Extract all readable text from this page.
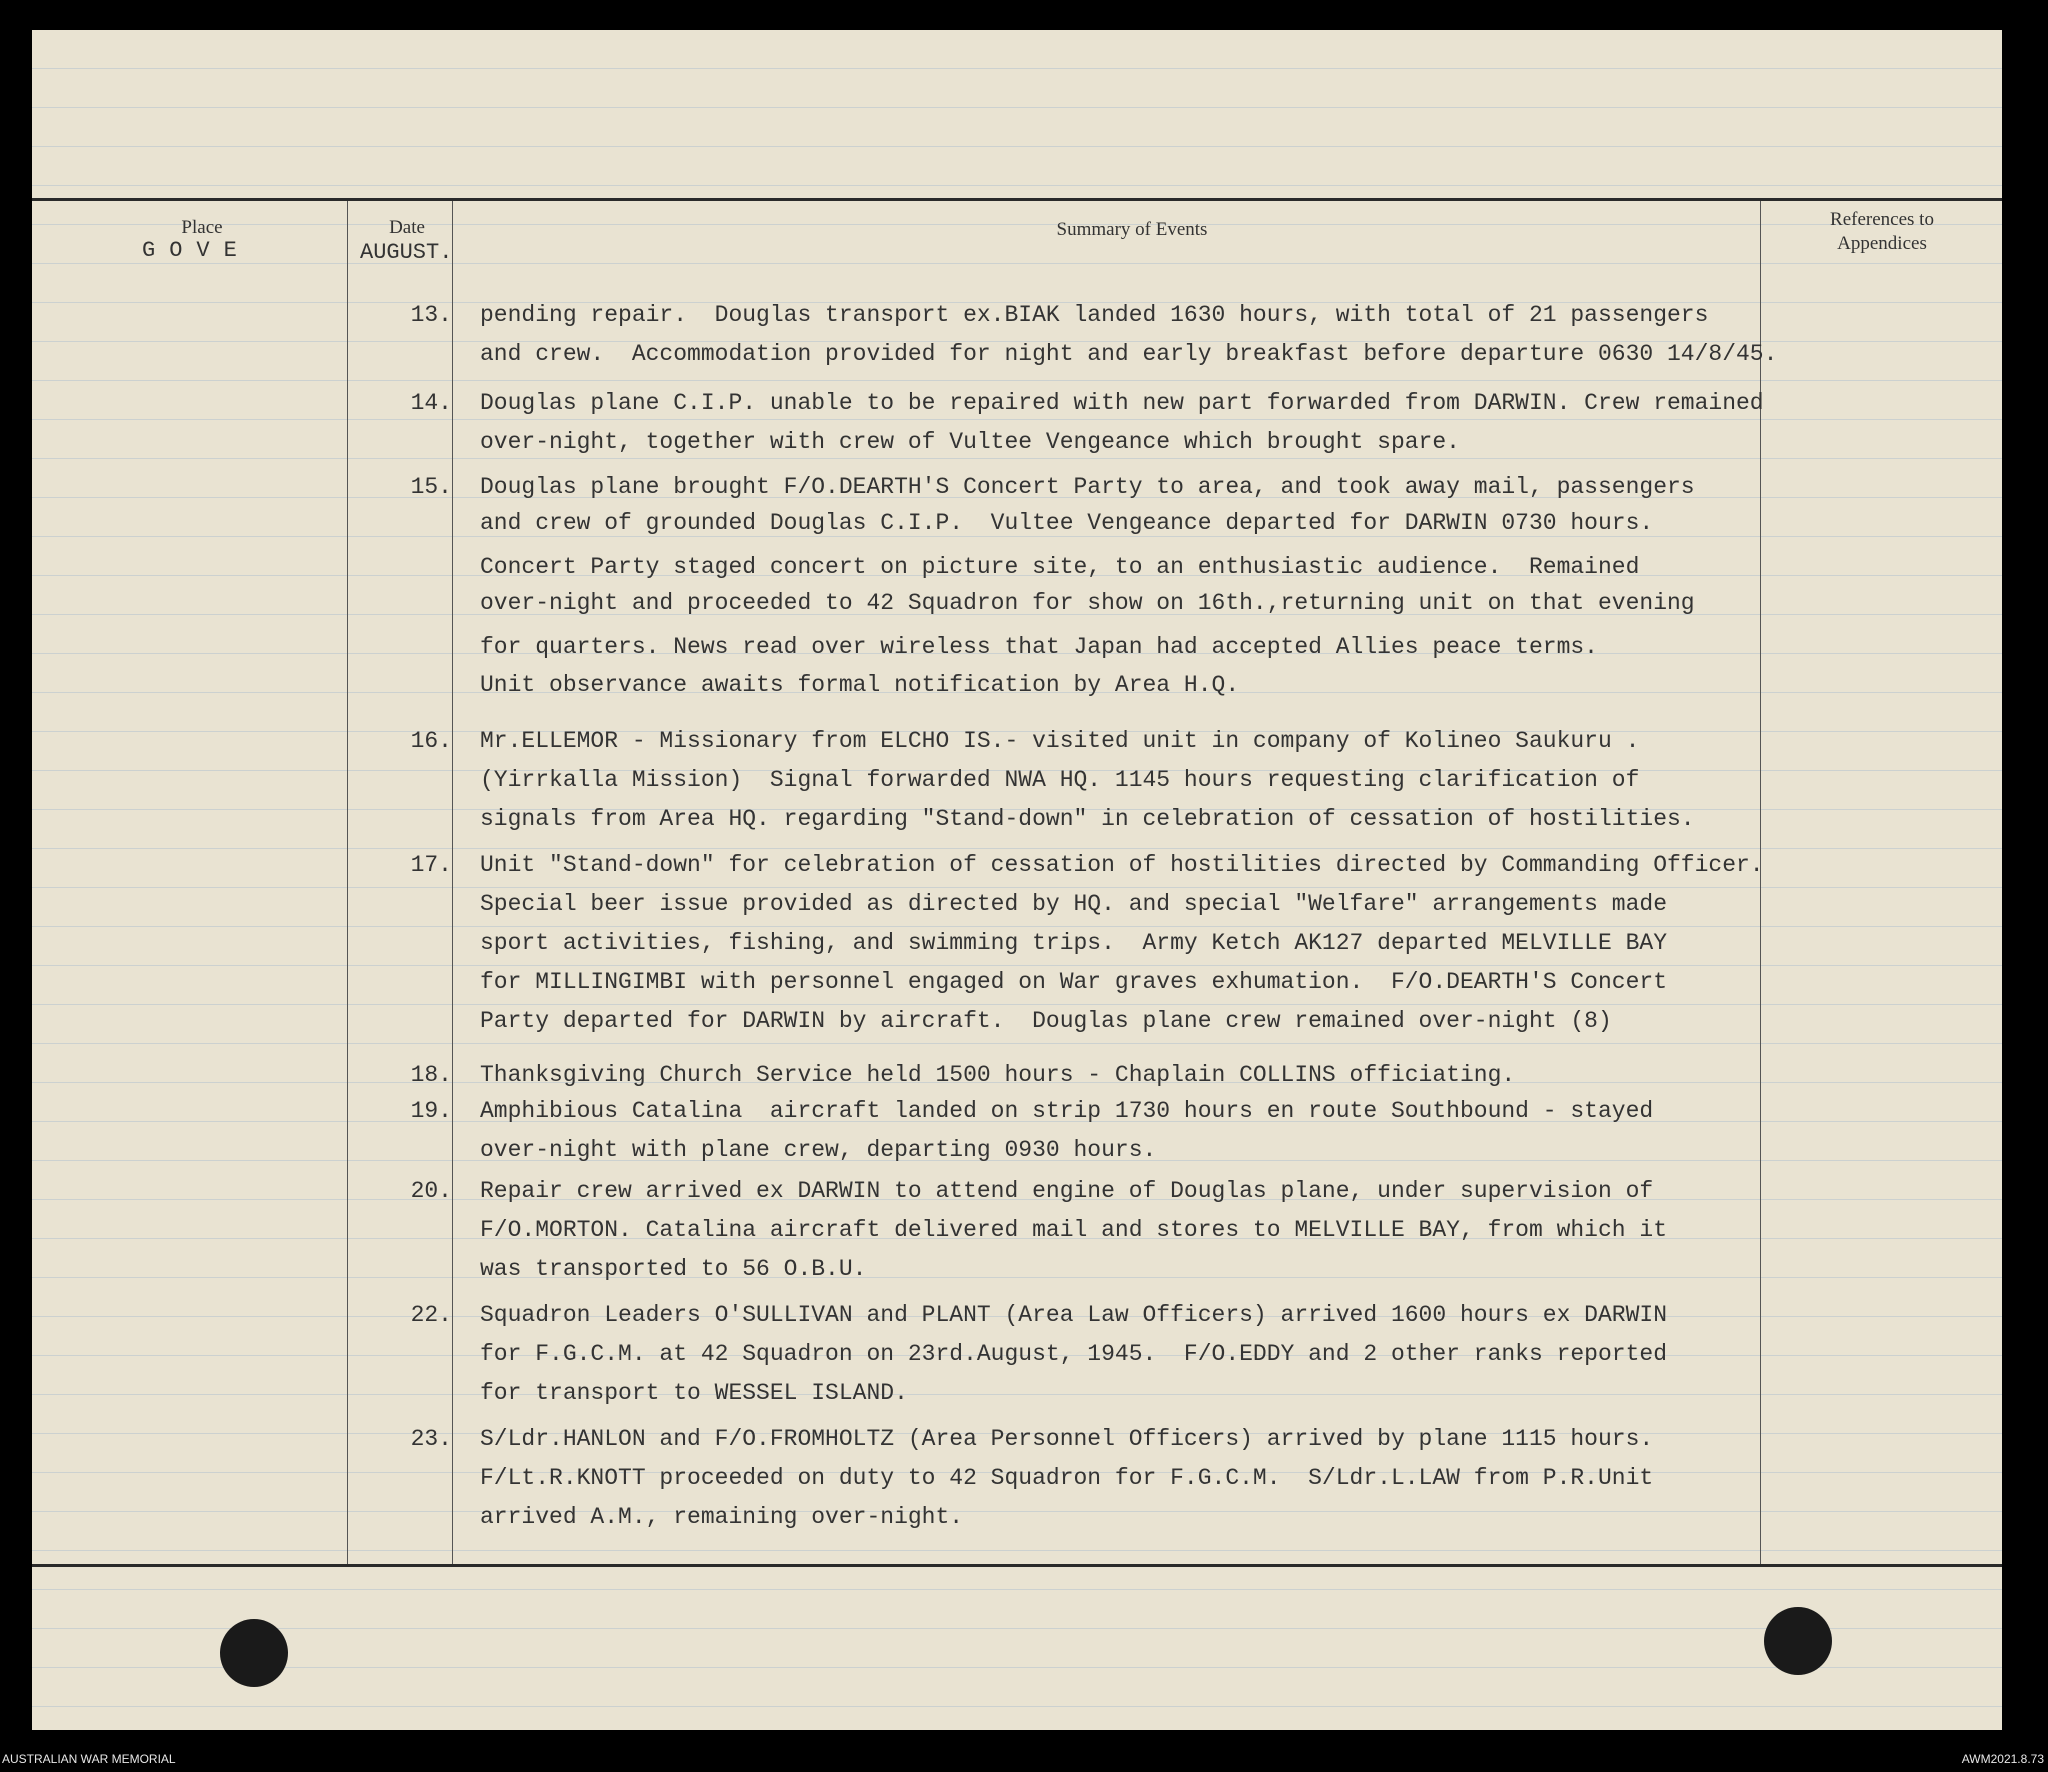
Place
GOVE
Date
AUGUST.
Summary of Events	References to
Appendices
13. pending repair.  Douglas transport ex.BIAK landed 1630 hours, with total of 21 passengers
and crew.  Accommodation provided for night and early breakfast before departure 0630 14/8/45.
14. Douglas plane C.I.P. unable to be repaired with new part forwarded from DARWIN. Crew remained
over-night, together with crew of Vultee Vengeance which brought spare.
15. Douglas plane brought F/O.DEARTH'S Concert Party to area, and took away mail, passengers
and crew of grounded Douglas C.I.P.  Vultee Vengeance departed for DARWIN 0730 hours.
Concert Party staged concert on picture site, to an enthusiastic audience.  Remained
over-night and proceeded to 42 Squadron for show on 16th.,returning unit on that evening
for quarters. News read over wireless that Japan had accepted Allies peace terms.
Unit observance awaits formal notification by Area H.Q.
16. Mr.ELLEMOR - Missionary from ELCHO IS.- visited unit in company of Kolineo Saukuru .
(Yirrkalla Mission)  Signal forwarded NWA HQ. 1145 hours requesting clarification of
signals from Area HQ. regarding "Stand-down" in celebration of cessation of hostilities.
17. Unit "Stand-down" for celebration of cessation of hostilities directed by Commanding Officer.
Special beer issue provided as directed by HQ. and special "Welfare" arrangements made
sport activities, fishing, and swimming trips.  Army Ketch AK127 departed MELVILLE BAY
for MILLINGIMBI with personnel engaged on War graves exhumation.  F/O.DEARTH'S Concert
Party departed for DARWIN by aircraft.  Douglas plane crew remained over-night (8)
18. Thanksgiving Church Service held 1500 hours - Chaplain COLLINS officiating.
19. Amphibious Catalina  aircraft landed on strip 1730 hours en route Southbound - stayed
over-night with plane crew, departing 0930 hours.
20. Repair crew arrived ex DARWIN to attend engine of Douglas plane, under supervision of
F/O.MORTON. Catalina aircraft delivered mail and stores to MELVILLE BAY, from which it
was transported to 56 O.B.U.
22. Squadron Leaders O'SULLIVAN and PLANT (Area Law Officers) arrived 1600 hours ex DARWIN
for F.G.C.M. at 42 Squadron on 23rd.August, 1945.  F/O.EDDY and 2 other ranks reported
for transport to WESSEL ISLAND.
23. S/Ldr.HANLON and F/O.FROMHOLTZ (Area Personnel Officers) arrived by plane 1115 hours.
F/Lt.R.KNOTT proceeded on duty to 42 Squadron for F.G.C.M.  S/Ldr.L.LAW from P.R.Unit
arrived A.M., remaining over-night.
AUSTRALIAN WAR MEMORIAL	AWM2021.8.73
